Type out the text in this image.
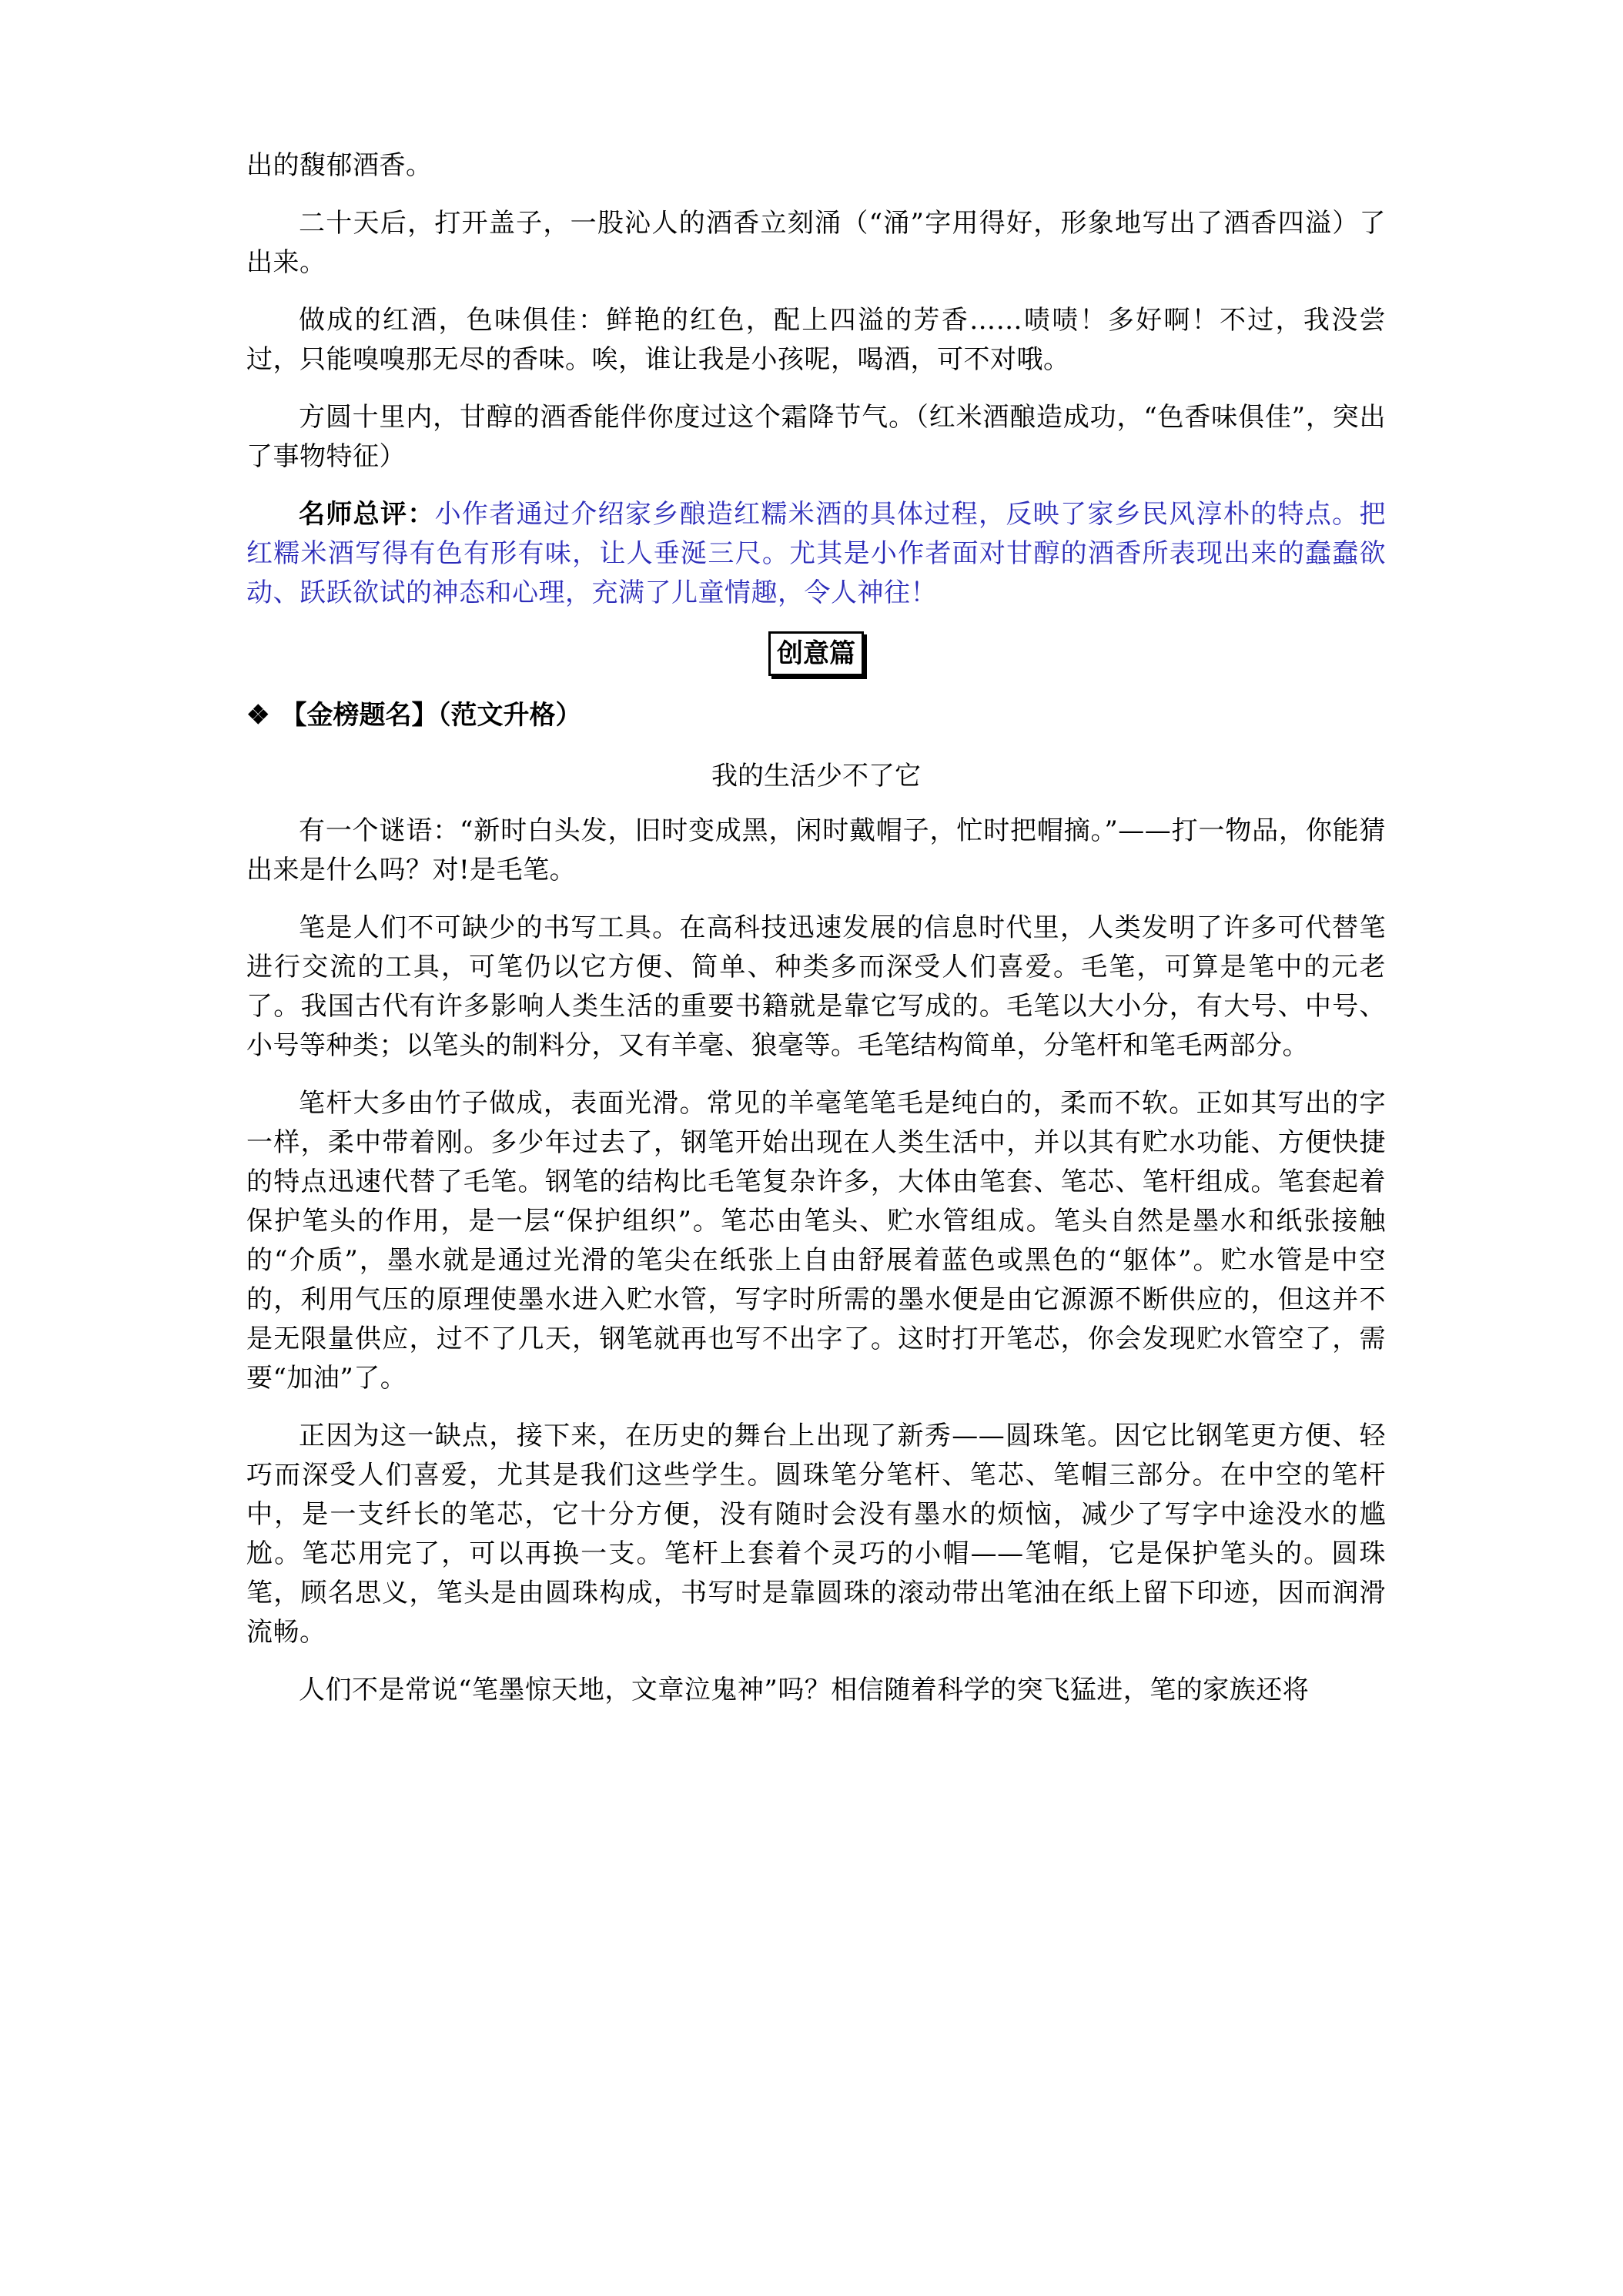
出的馥郁酒香。

二十天后，打开盖子，一股沁人的酒香立刻涌（“涌”字用得好，形象地写出了酒香四溢）了出来。

做成的红酒，色味俱佳：鲜艳的红色，配上四溢的芳香……啧啧！多好啊！不过，我没尝过，只能嗅嗅那无尽的香味。唉，谁让我是小孩呢，喝酒，可不对哦。

方圆十里内，甘醇的酒香能伴你度过这个霜降节气。（红米酒酿造成功，“色香味俱佳”，突出了事物特征）

名师总评：小作者通过介绍家乡酿造红糯米酒的具体过程，反映了家乡民风淳朴的特点。把红糯米酒写得有色有形有味，让人垂涎三尺。尤其是小作者面对甘醇的酒香所表现出来的蠢蠢欲动、跃跃欲试的神态和心理，充满了儿童情趣，令人神往！
创意篇
❖ 【金榜题名】（范文升格）
我的生活少不了它

有一个谜语：“新时白头发，旧时变成黑，闲时戴帽子，忙时把帽摘。”——打一物品，你能猜出来是什么吗？对!是毛笔。

笔是人们不可缺少的书写工具。在高科技迅速发展的信息时代里，人类发明了许多可代替笔进行交流的工具，可笔仍以它方便、简单、种类多而深受人们喜爱。毛笔，可算是笔中的元老了。我国古代有许多影响人类生活的重要书籍就是靠它写成的。毛笔以大小分，有大号、中号、小号等种类；以笔头的制料分，又有羊毫、狼毫等。毛笔结构简单，分笔杆和笔毛两部分。

笔杆大多由竹子做成，表面光滑。常见的羊毫笔笔毛是纯白的，柔而不软。正如其写出的字一样，柔中带着刚。多少年过去了，钢笔开始出现在人类生活中，并以其有贮水功能、方便快捷的特点迅速代替了毛笔。钢笔的结构比毛笔复杂许多，大体由笔套、笔芯、笔杆组成。笔套起着保护笔头的作用，是一层“保护组织”。笔芯由笔头、贮水管组成。笔头自然是墨水和纸张接触的“介质”，墨水就是通过光滑的笔尖在纸张上自由舒展着蓝色或黑色的“躯体”。贮水管是中空的，利用气压的原理使墨水进入贮水管，写字时所需的墨水便是由它源源不断供应的，但这并不是无限量供应，过不了几天，钢笔就再也写不出字了。这时打开笔芯，你会发现贮水管空了，需要“加油”了。

正因为这一缺点，接下来，在历史的舞台上出现了新秀——圆珠笔。因它比钢笔更方便、轻巧而深受人们喜爱，尤其是我们这些学生。圆珠笔分笔杆、笔芯、笔帽三部分。在中空的笔杆中，是一支纤长的笔芯，它十分方便，没有随时会没有墨水的烦恼，减少了写字中途没水的尴尬。笔芯用完了，可以再换一支。笔杆上套着个灵巧的小帽——笔帽，它是保护笔头的。圆珠笔，顾名思义，笔头是由圆珠构成，书写时是靠圆珠的滚动带出笔油在纸上留下印迹，因而润滑流畅。

人们不是常说“笔墨惊天地，文章泣鬼神”吗？相信随着科学的突飞猛进，笔的家族还将
